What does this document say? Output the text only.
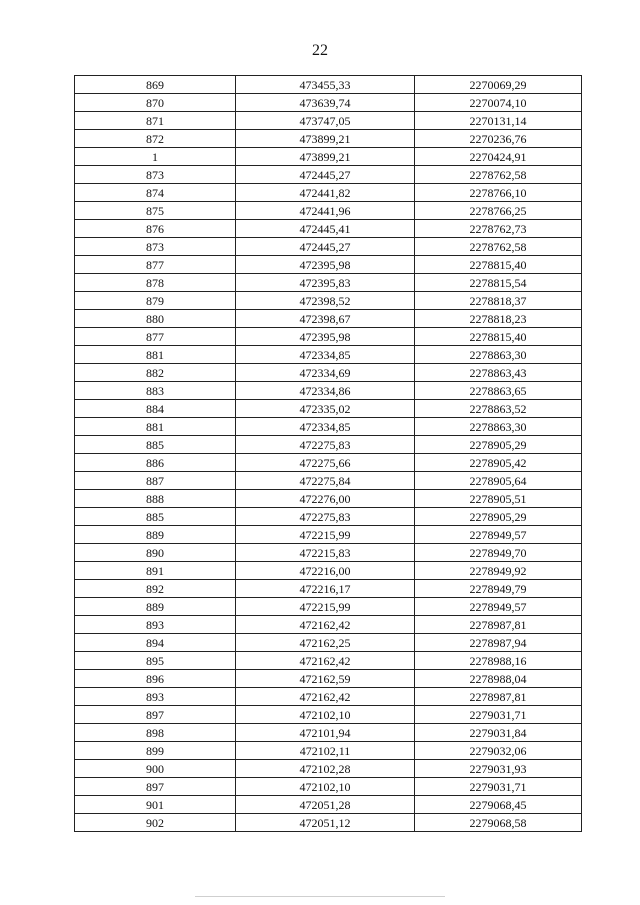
22
869	473455,33	2270069,29
870	473639,74	2270074,10
871	473747,05	2270131,14
872	473899,21	2270236,76
1	473899,21	2270424,91
873	472445,27	2278762,58
874	472441,82	2278766,10
875	472441,96	2278766,25
876	472445,41	2278762,73
873	472445,27	2278762,58
877	472395,98	2278815,40
878	472395,83	2278815,54
879	472398,52	2278818,37
880	472398,67	2278818,23
877	472395,98	2278815,40
881	472334,85	2278863,30
882	472334,69	2278863,43
883	472334,86	2278863,65
884	472335,02	2278863,52
881	472334,85	2278863,30
885	472275,83	2278905,29
886	472275,66	2278905,42
887	472275,84	2278905,64
888	472276,00	2278905,51
885	472275,83	2278905,29
889	472215,99	2278949,57
890	472215,83	2278949,70
891	472216,00	2278949,92
892	472216,17	2278949,79
889	472215,99	2278949,57
893	472162,42	2278987,81
894	472162,25	2278987,94
895	472162,42	2278988,16
896	472162,59	2278988,04
893	472162,42	2278987,81
897	472102,10	2279031,71
898	472101,94	2279031,84
899	472102,11	2279032,06
900	472102,28	2279031,93
897	472102,10	2279031,71
901	472051,28	2279068,45
902	472051,12	2279068,58
